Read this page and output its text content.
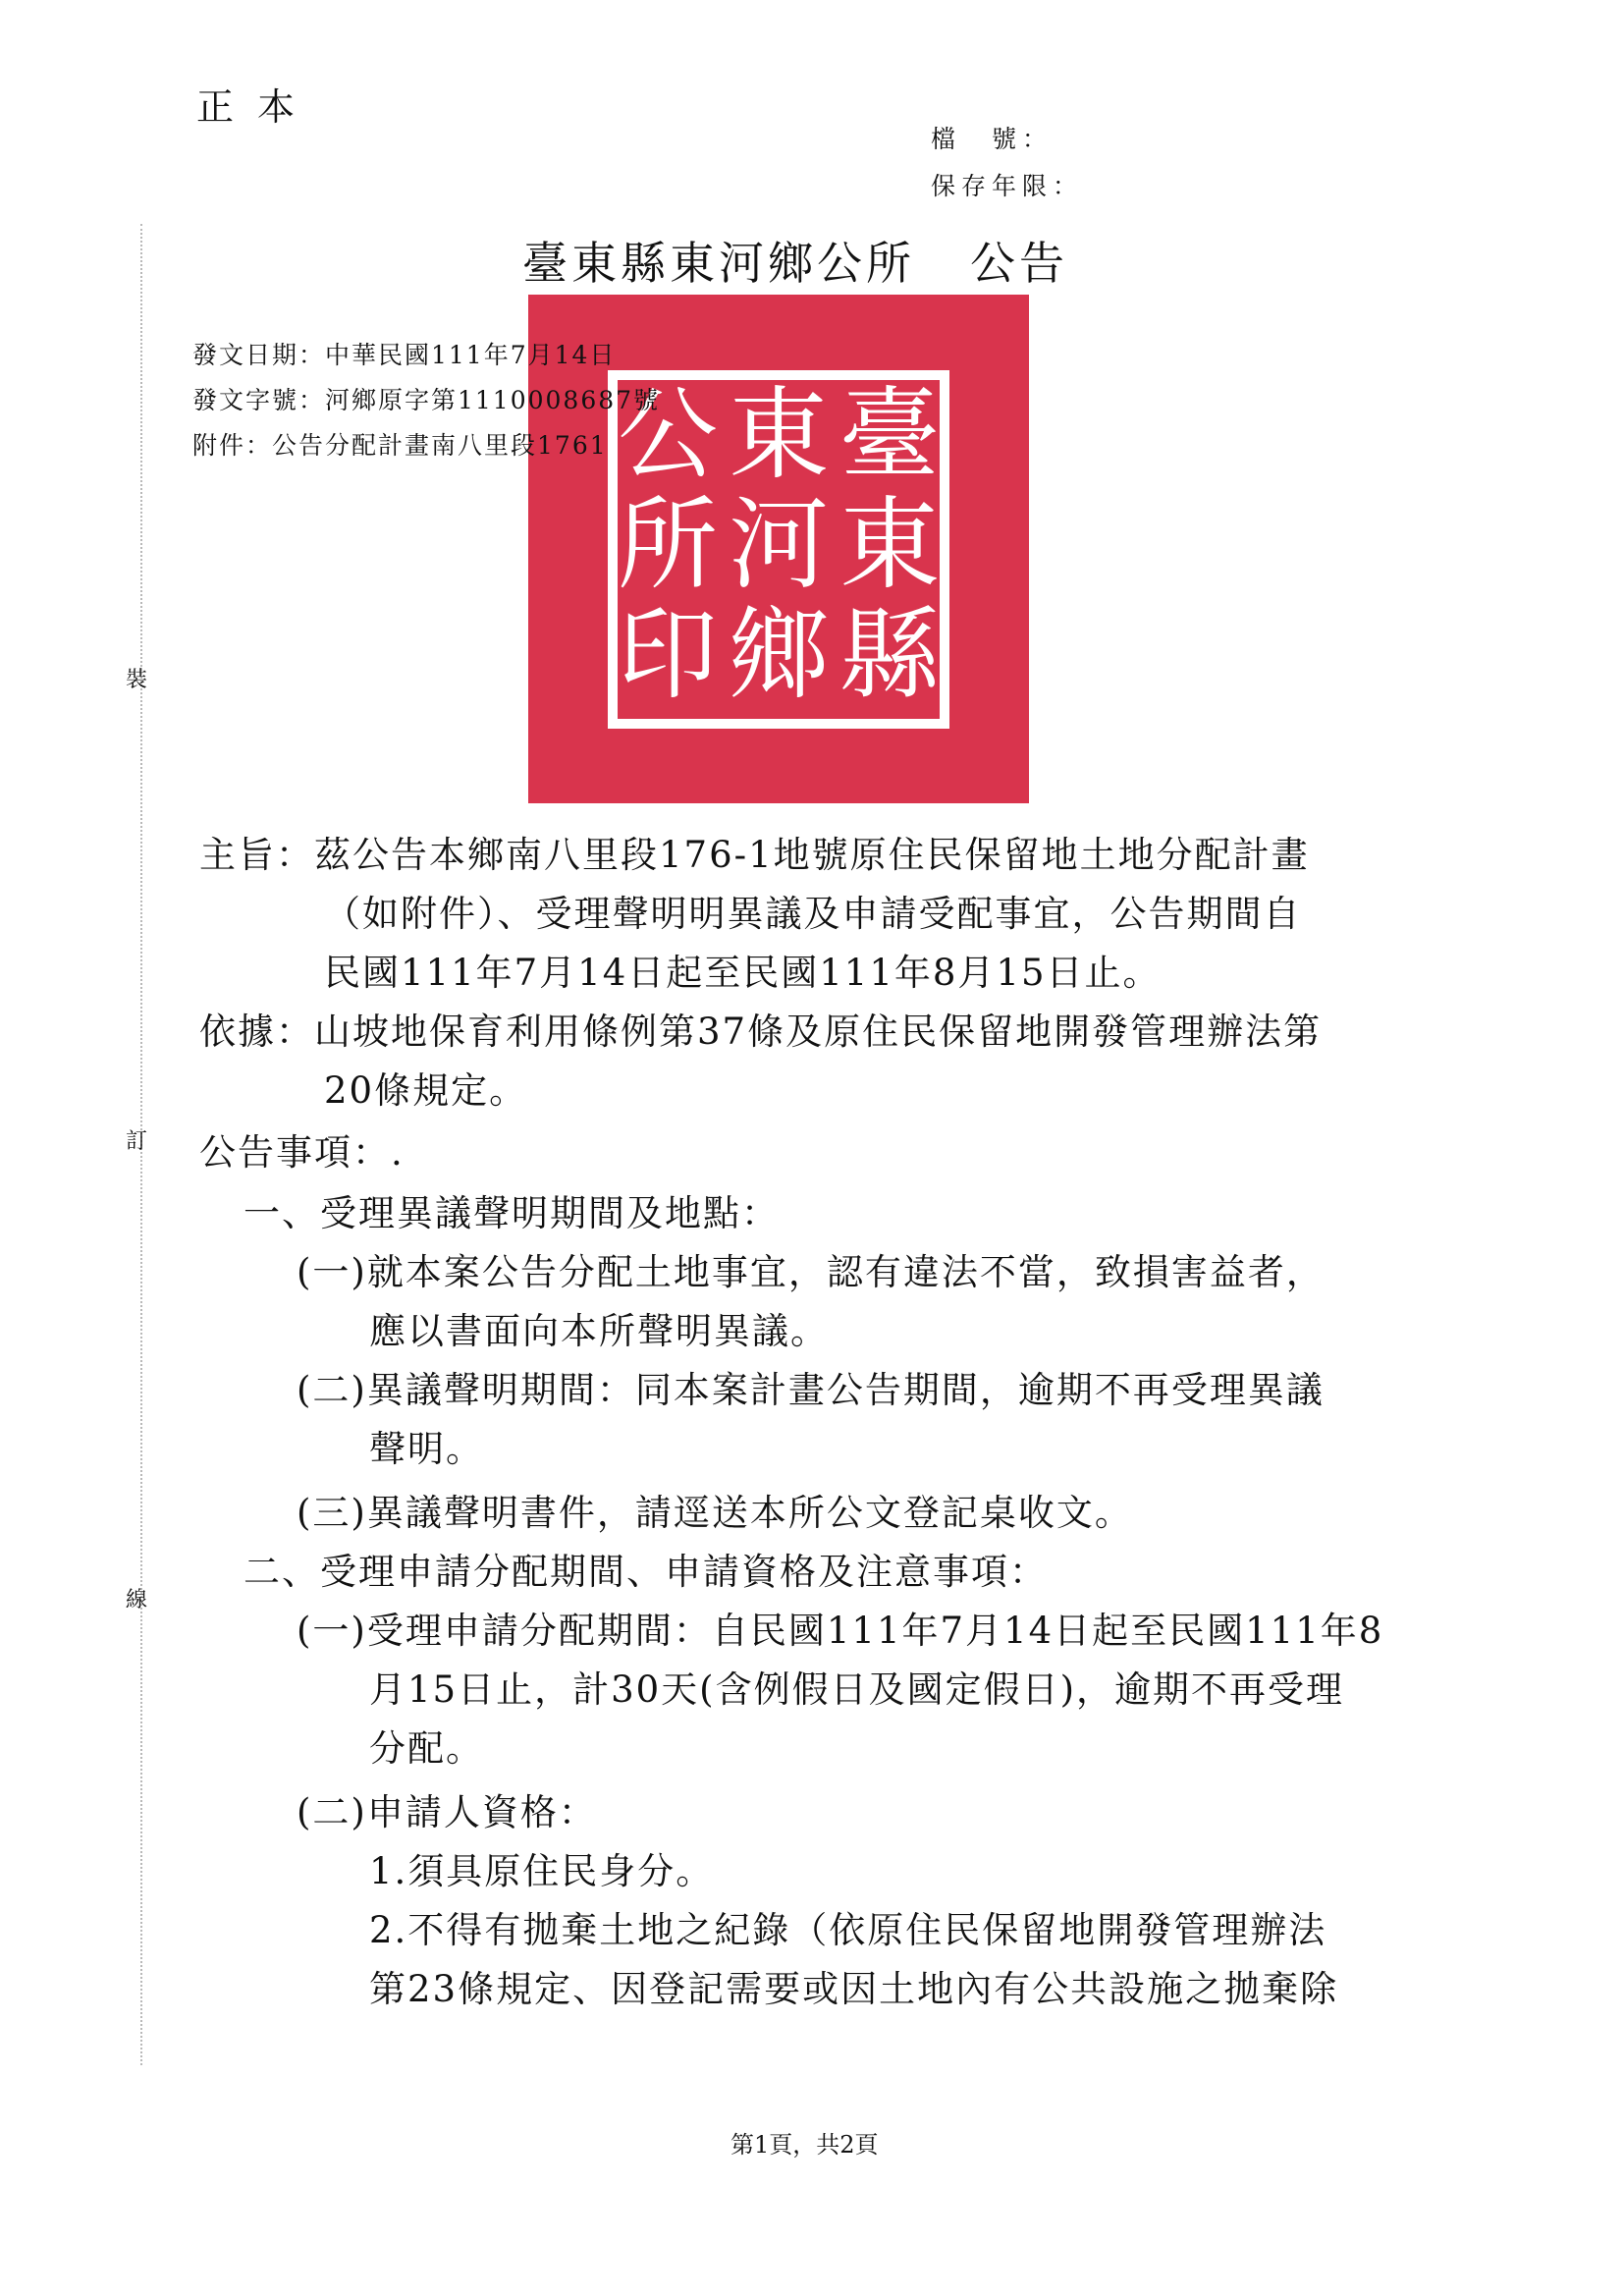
正本
檔　號：
保存年限：
臺東縣東河鄉公所 公告
裝
訂
線
臺
東
縣
東
河
鄉
公
所
印
發文日期：中華民國111年7月14日
發文字號：河鄉原字第1110008687號
附件：公告分配計畫南八里段1761
主旨：茲公告本鄉南八里段176-1地號原住民保留地土地分配計畫
（如附件）、受理聲明明異議及申請受配事宜，公告期間自
民國111年7月14日起至民國111年8月15日止。
依據：山坡地保育利用條例第37條及原住民保留地開發管理辦法第
20條規定。
公告事項：.
一、受理異議聲明期間及地點：
(一)就本案公告分配土地事宜，認有違法不當，致損害益者，
應以書面向本所聲明異議。
(二)異議聲明期間：同本案計畫公告期間，逾期不再受理異議
聲明。
(三)異議聲明書件，請逕送本所公文登記桌收文。
二、受理申請分配期間、申請資格及注意事項：
(一)受理申請分配期間：自民國111年7月14日起至民國111年8
月15日止，計30天(含例假日及國定假日)，逾期不再受理
分配。
(二)申請人資格：
1.須具原住民身分。
2.不得有拋棄土地之紀錄（依原住民保留地開發管理辦法
第23條規定、因登記需要或因土地內有公共設施之拋棄除
第1頁，共2頁
